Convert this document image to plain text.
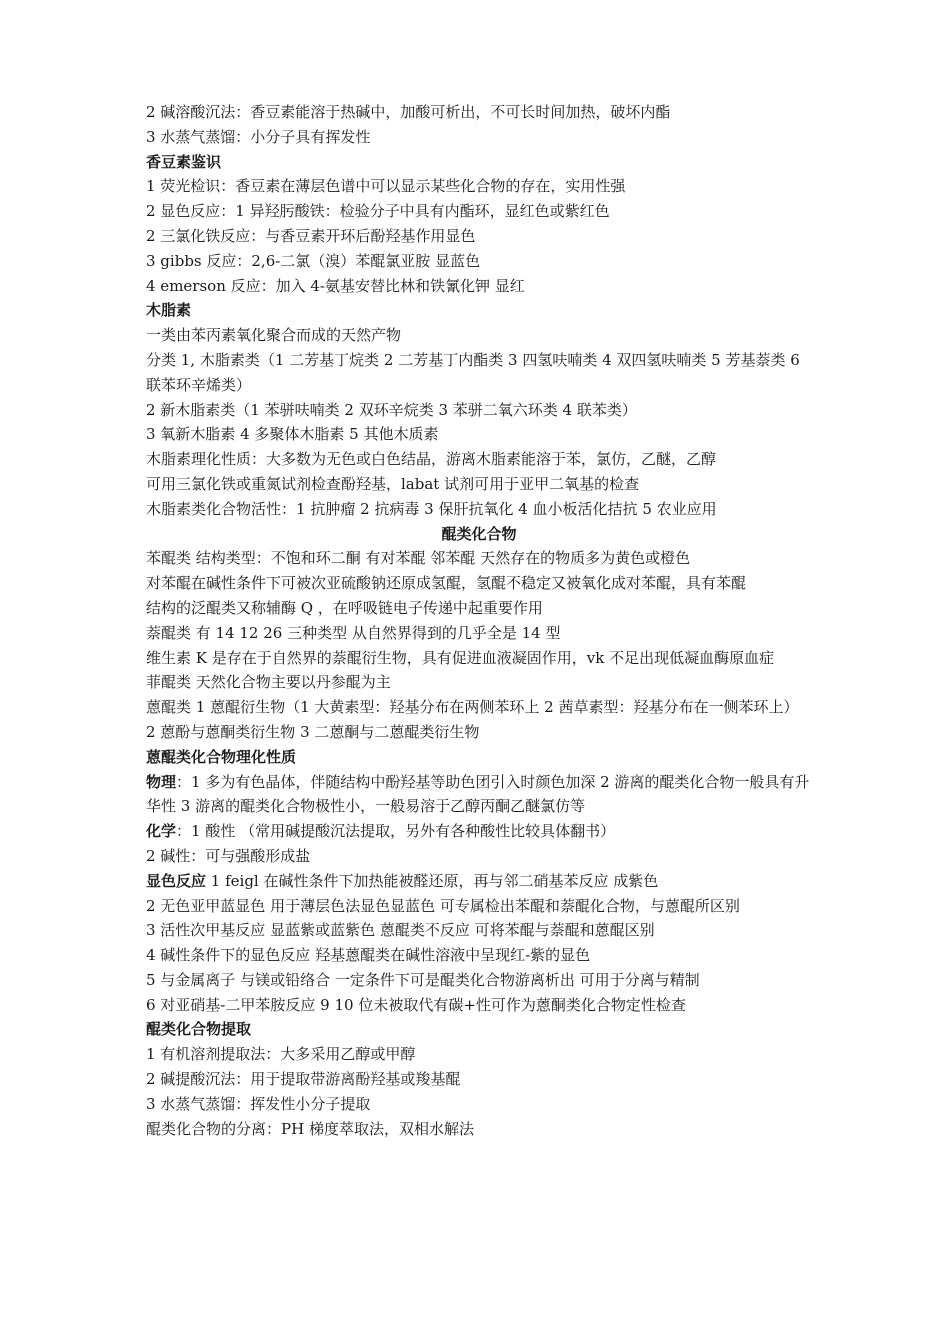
2 碱溶酸沉法：香豆素能溶于热碱中，加酸可析出，不可长时间加热，破坏内酯
3 水蒸气蒸馏：小分子具有挥发性
香豆素鉴识
1 荧光检识：香豆素在薄层色谱中可以显示某些化合物的存在，实用性强
2 显色反应：1 异羟肟酸铁：检验分子中具有内酯环，显红色或紫红色
2 三氯化铁反应：与香豆素开环后酚羟基作用显色
3 gibbs 反应：2,6-二氯（溴）苯醌氯亚胺 显蓝色
4 emerson 反应：加入 4-氨基安替比林和铁氰化钾 显红
木脂素
一类由苯丙素氧化聚合而成的天然产物
分类 1, 木脂素类（1 二芳基丁烷类 2 二芳基丁内酯类 3 四氢呋喃类 4 双四氢呋喃类 5 芳基萘类 6 联苯环辛烯类）
2 新木脂素类（1 苯骈呋喃类 2 双环辛烷类 3 苯骈二氧六环类 4 联苯类）
3 氧新木脂素 4 多聚体木脂素 5 其他木质素
木脂素理化性质：大多数为无色或白色结晶，游离木脂素能溶于苯，氯仿，乙醚，乙醇
可用三氯化铁或重氮试剂检查酚羟基，labat 试剂可用于亚甲二氧基的检查
木脂素类化合物活性：1 抗肿瘤 2 抗病毒 3 保肝抗氧化 4 血小板活化拮抗 5 农业应用
醌类化合物
苯醌类 结构类型：不饱和环二酮 有对苯醌 邻苯醌 天然存在的物质多为黄色或橙色
对苯醌在碱性条件下可被次亚硫酸钠还原成氢醌，氢醌不稳定又被氧化成对苯醌，具有苯醌
结构的泛醌类又称辅酶 Q ，在呼吸链电子传递中起重要作用
萘醌类 有 14 12 26 三种类型 从自然界得到的几乎全是 14 型
维生素 K 是存在于自然界的萘醌衍生物，具有促进血液凝固作用，vk 不足出现低凝血酶原血症
菲醌类 天然化合物主要以丹参醌为主
蒽醌类 1 蒽醌衍生物（1 大黄素型：羟基分布在两侧苯环上 2 茜草素型：羟基分布在一侧苯环上）
2 蒽酚与蒽酮类衍生物 3 二蒽酮与二蒽醌类衍生物
蒽醌类化合物理化性质
物理：1 多为有色晶体，伴随结构中酚羟基等助色团引入时颜色加深 2 游离的醌类化合物一般具有升华性 3 游离的醌类化合物极性小，一般易溶于乙醇丙酮乙醚氯仿等
化学：1 酸性 （常用碱提酸沉法提取，另外有各种酸性比较具体翻书）
2 碱性：可与强酸形成盐
显色反应 1 feigl 在碱性条件下加热能被醛还原，再与邻二硝基苯反应 成紫色
2 无色亚甲蓝显色 用于薄层色法显色显蓝色 可专属检出苯醌和萘醌化合物，与蒽醌所区别
3 活性次甲基反应 显蓝紫或蓝紫色 蒽醌类不反应 可将苯醌与萘醌和蒽醌区别
4 碱性条件下的显色反应 羟基蒽醌类在碱性溶液中呈现红-紫的显色
5 与金属离子 与镁或铅络合 一定条件下可是醌类化合物游离析出 可用于分离与精制
6 对亚硝基-二甲苯胺反应 9 10 位未被取代有碳+性可作为蒽酮类化合物定性检查
醌类化合物提取
1 有机溶剂提取法：大多采用乙醇或甲醇
2 碱提酸沉法：用于提取带游离酚羟基或羧基醌
3 水蒸气蒸馏：挥发性小分子提取
醌类化合物的分离：PH 梯度萃取法，双相水解法
